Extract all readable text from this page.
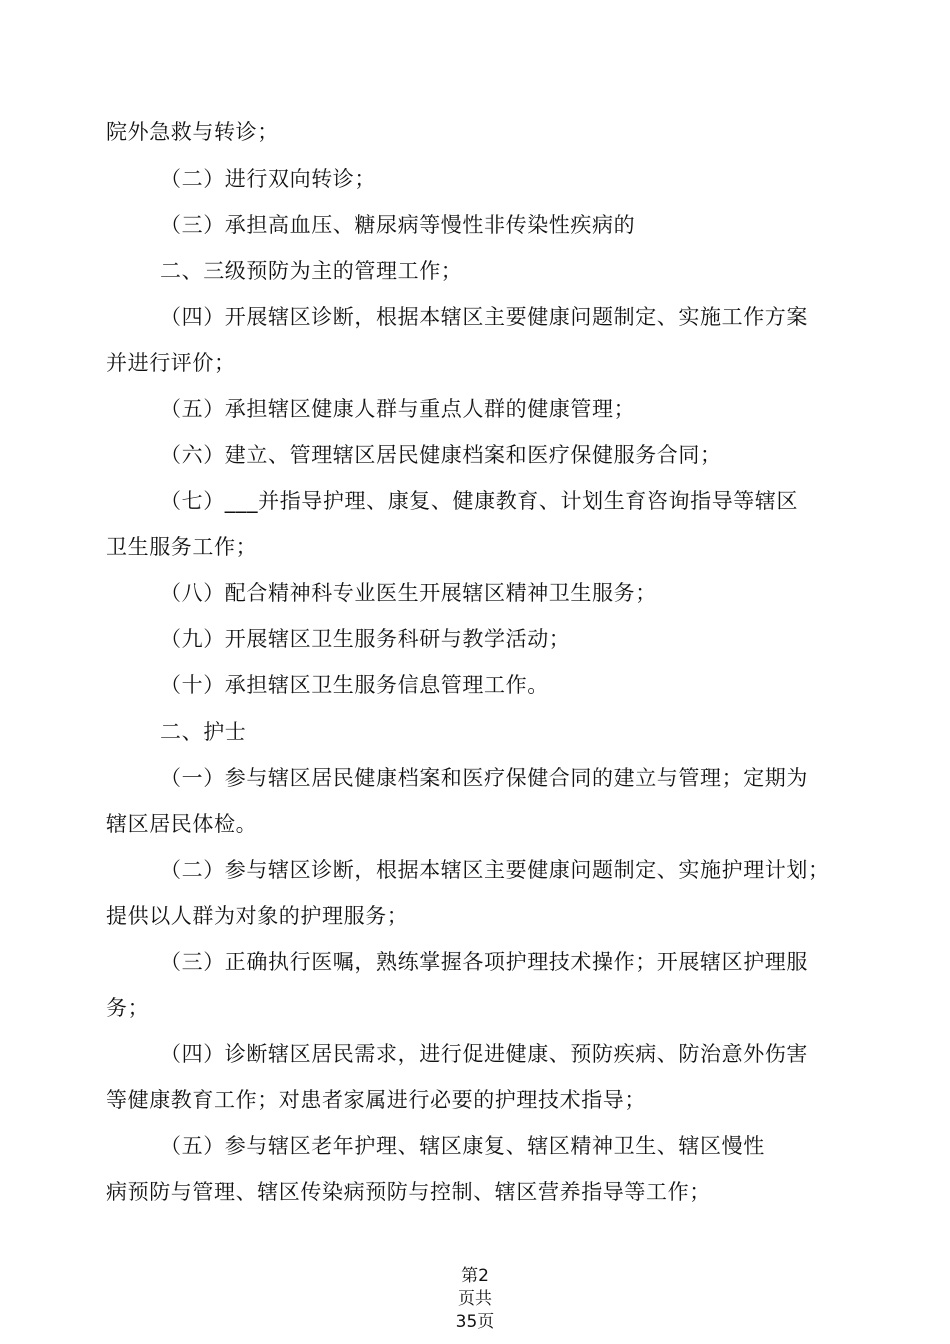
院外急救与转诊；
（二）进行双向转诊；
（三）承担高血压、糖尿病等慢性非传染性疾病的
二、三级预防为主的管理工作；
（四）开展辖区诊断，根据本辖区主要健康问题制定、实施工作方案
并进行评价；
（五）承担辖区健康人群与重点人群的健康管理；
（六）建立、管理辖区居民健康档案和医疗保健服务合同；
（七）___并指导护理、康复、健康教育、计划生育咨询指导等辖区
卫生服务工作；
（八）配合精神科专业医生开展辖区精神卫生服务；
（九）开展辖区卫生服务科研与教学活动；
（十）承担辖区卫生服务信息管理工作。
二、护士
（一）参与辖区居民健康档案和医疗保健合同的建立与管理；定期为
辖区居民体检。
（二）参与辖区诊断，根据本辖区主要健康问题制定、实施护理计划；
提供以人群为对象的护理服务；
（三）正确执行医嘱，熟练掌握各项护理技术操作；开展辖区护理服
务；
（四）诊断辖区居民需求，进行促进健康、预防疾病、防治意外伤害
等健康教育工作；对患者家属进行必要的护理技术指导；
（五）参与辖区老年护理、辖区康复、辖区精神卫生、辖区慢性
病预防与管理、辖区传染病预防与控制、辖区营养指导等工作；
第2
页共
35页
